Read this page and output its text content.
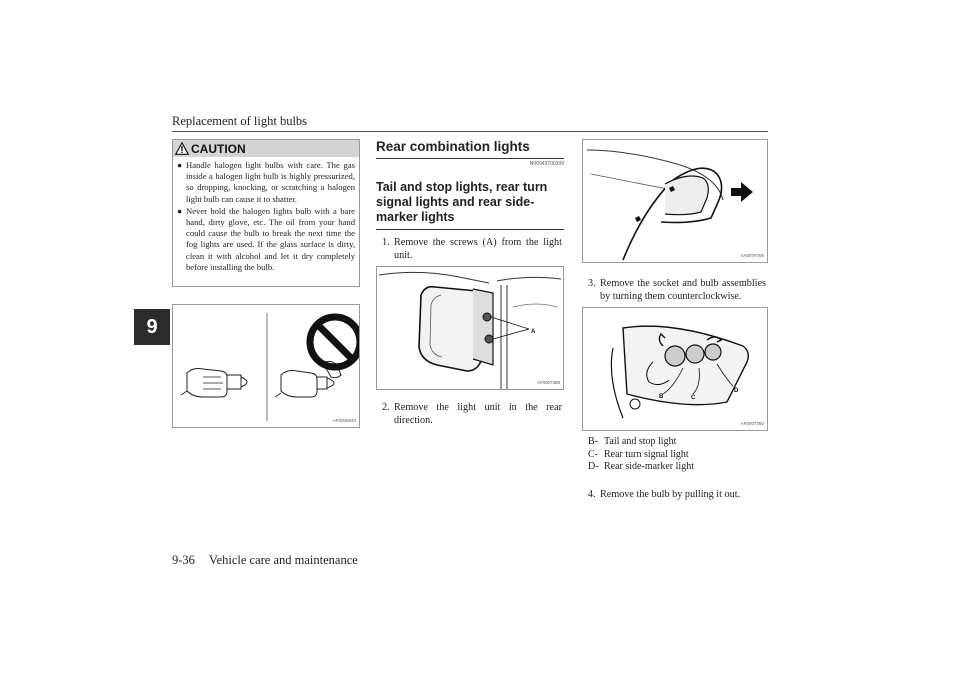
Replacement of light bulbs
9
CAUTION
● Handle halogen light bulbs with care. The gas inside a halogen light bulb is highly pressurized, so dropping, knocking, or scratching a halogen light bulb can cause it to shatter.
● Never hold the halogen lights bulb with a bare hand, dirty glove, etc. The oil from your hand could cause the bulb to break the next time the fog lights are used. If the glass surface is dirty, clean it with alcohol and let it dry completely before installing the bulb.
AF0006643
Rear combination lights
N00943700399
Tail and stop lights, rear turn signal lights and rear side-marker lights
1. Remove the screws (A) from the light unit.
A
AF0007389
2. Remove the light unit in the rear direction.
AA0076705
3. Remove the socket and bulb assemblies by turning them counterclockwise.
B	C
D
AF0007392
B- Tail and stop light
C- Rear turn signal light
D- Rear side-marker light
4. Remove the bulb by pulling it out.
9-36 Vehicle care and maintenance
